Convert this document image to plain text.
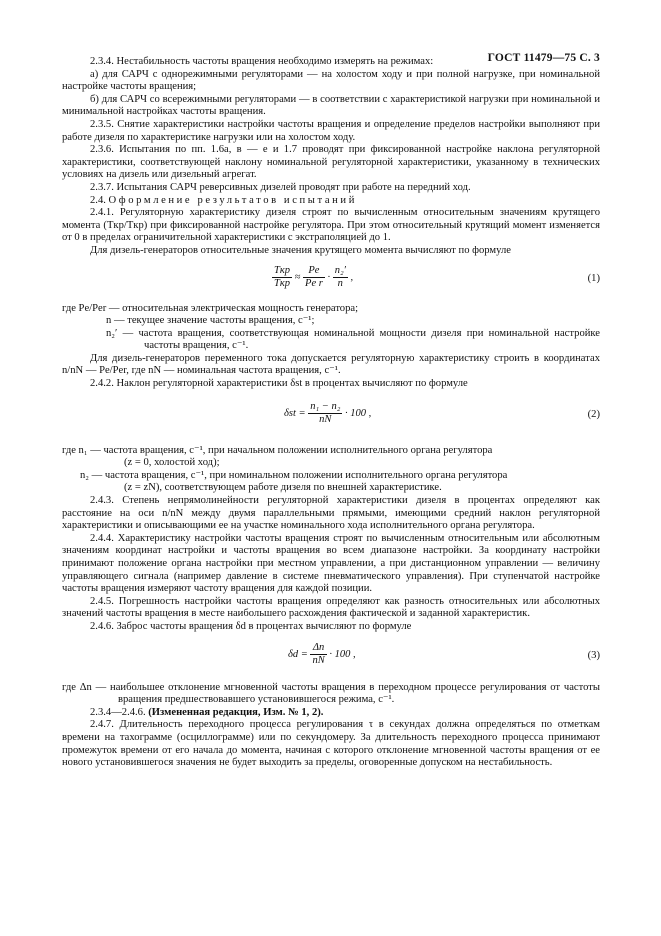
ГОСТ 11479—75 С. 3

2.3.4. Нестабильность частоты вращения необходимо измерять на режимах:

а) для САРЧ с однорежимными регуляторами — на холостом ходу и при полной нагрузке, при номинальной настройке частоты вращения;

б) для САРЧ со всережимными регуляторами — в соответствии с характеристикой нагрузки при номинальной и минимальной настройках частоты вращения.

2.3.5. Снятие характеристики настройки частоты вращения и определение пределов настройки выполняют при работе дизеля по характеристике нагрузки или на холостом ходу.

2.3.6. Испытания по пп. 1.6а, в — е и 1.7 проводят при фиксированной настройке наклона регуляторной характеристики, соответствующей наклону номинальной регуляторной характеристики, указанному в технических условиях на дизель или дизельный агрегат.

2.3.7. Испытания САРЧ реверсивных дизелей проводят при работе на передний ход.

2.4. Оформление результатов испытаний

2.4.1. Регуляторную характеристику дизеля строят по вычисленным относительным значениям крутящего момента (Tкр/Tкр) при фиксированной настройке регулятора. При этом относительный крутящий момент изменяется от 0 в пределах ограничительной характеристики с экстраполяцией до 1.

Для дизель-генераторов относительные значения крутящего момента вычисляют по формуле

$\frac{\text{Tкр}}{\text{Tкр}} \approx \frac{Pe}{\text{Pe r}} \cdot \frac{\text{n₂′}}{n}$ ,	(1)

где Pe/Per — относительная электрическая мощность генератора;

n — текущее значение частоты вращения, с⁻¹;

n₂′ — частота вращения, соответствующая номинальной мощности дизеля при номинальной настройке частоты вращения, с⁻¹.

Для дизель-генераторов переменного тока допускается регуляторную характеристику строить в координатах n/nN — Pe/Per, где nN — номинальная частота вращения, с⁻¹.

2.4.2. Наклон регуляторной характеристики δst в процентах вычисляют по формуле

$\delta st = \frac{\text{n₁ − n₂}}{nN} \cdot 100$ ,	(2)

где n₁ — частота вращения, с⁻¹, при начальном положении исполнительного органа регулятора

(z = 0, холостой ход);

n₂ — частота вращения, с⁻¹, при номинальном положении исполнительного органа регулятора

(z = zN), соответствующем работе дизеля по внешней характеристике.

2.4.3. Степень непрямолинейности регуляторной характеристики дизеля в процентах определяют как расстояние на оси n/nN между двумя параллельными прямыми, имеющими средний наклон регуляторной характеристики и описывающими ее на участке номинального хода исполнительного органа регулятора.

2.4.4. Характеристику настройки частоты вращения строят по вычисленным относительным или абсолютным значениям координат настройки и частоты вращения во всем диапазоне настройки. За координату настройки принимают положение органа настройки при местном управлении, а при дистанционном управлении — величину управляющего сигнала (например давление в системе пневматического управления). При ступенчатой настройке частоты вращения измеряют частоту вращения для каждой позиции.

2.4.5. Погрешность настройки частоты вращения определяют как разность относительных или абсолютных значений частоты вращения в месте наибольшего расхождения фактической и заданной характеристик.

2.4.6. Заброс частоты вращения δd в процентах вычисляют по формуле

$\delta d = \frac{\Delta n}{nN} \cdot 100$ ,	(3)

где Δn — наибольшее отклонение мгновенной частоты вращения в переходном процессе регулирования от частоты вращения предшествовавшего установившегося режима, с⁻¹.

2.3.4—2.4.6. (Измененная редакция, Изм. № 1, 2).

2.4.7. Длительность переходного процесса регулирования τ в секундах должна определяться по отметкам времени на тахограмме (осциллограмме) или по секундомеру. За длительность переходного процесса принимают промежуток времени от его начала до момента, начиная с которого отклонение мгновенной частоты вращения от ее нового установившегося значения не будет выходить за пределы, оговоренные допуском на нестабильность.
